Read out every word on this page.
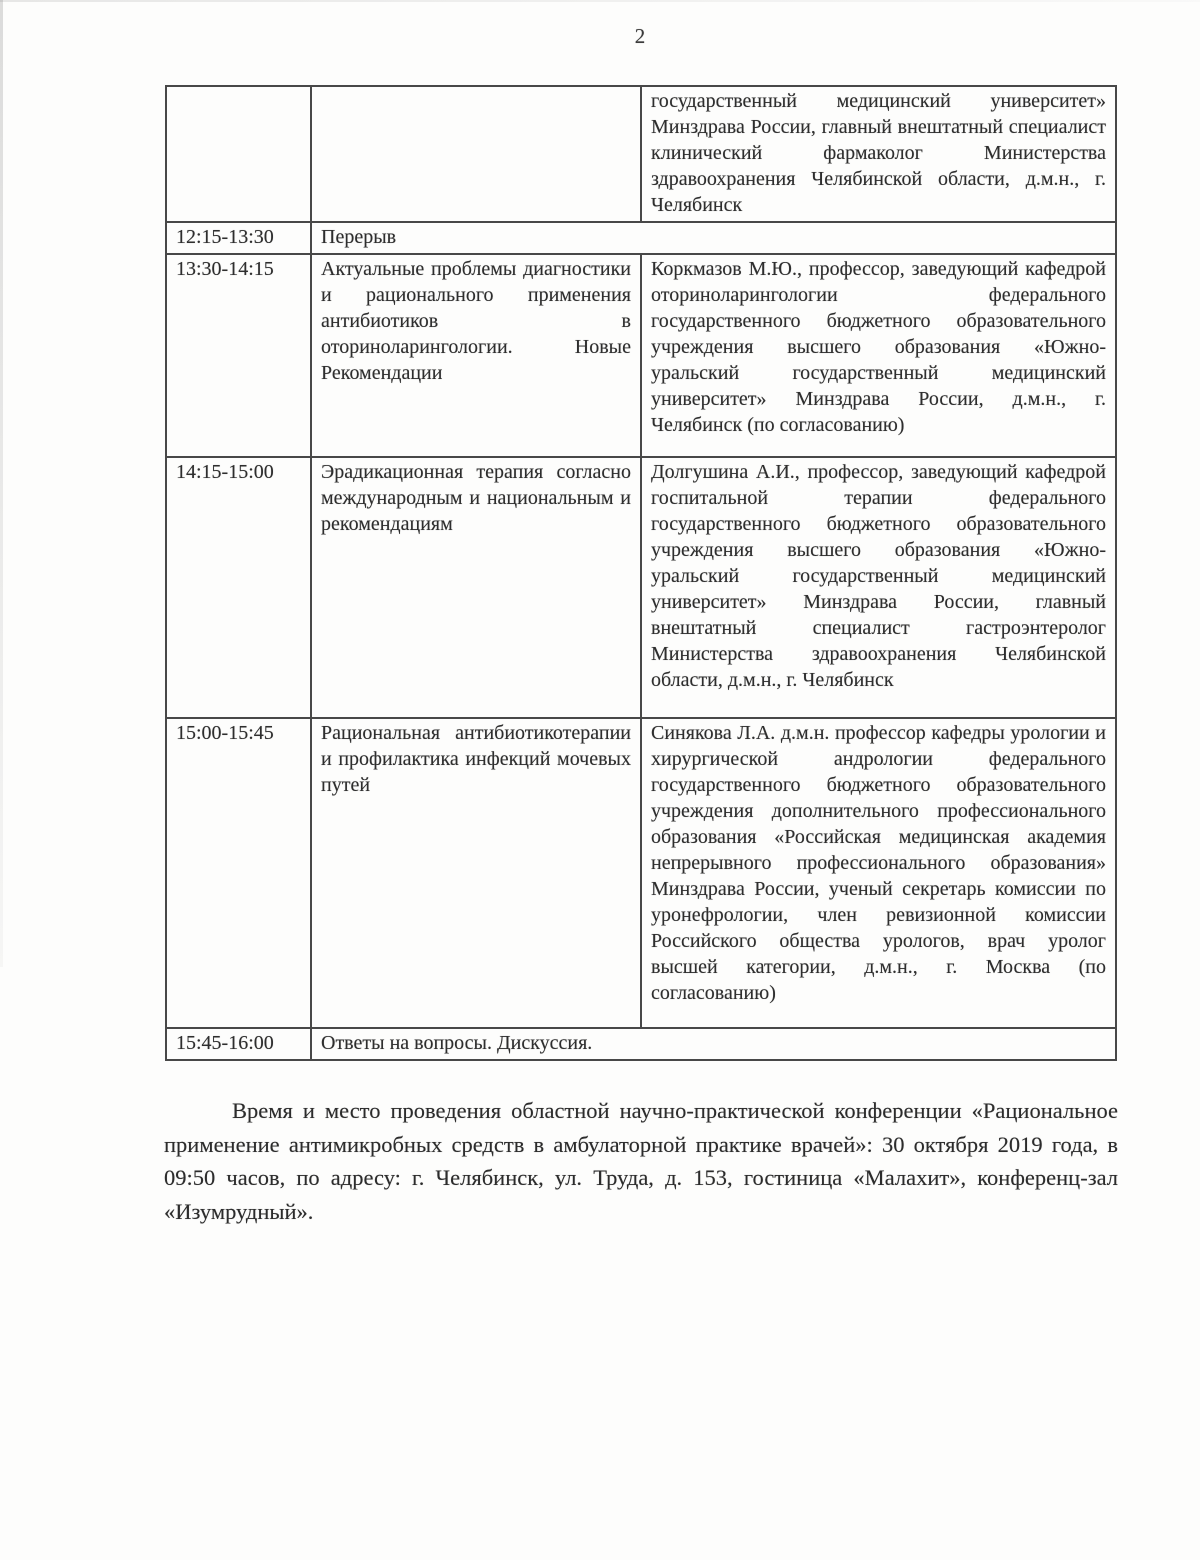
2
		государственный медицинский университет» Минздрава России, главный внештатный специалист клинический фармаколог Министерства здравоохранения Челябинской области, д.м.н., г. Челябинск
12:15-13:30	Перерыв	
13:30-14:15	Актуальные проблемы диагностики и рационального применения антибиотиков в оториноларингологии. Новые Рекомендации	Коркмазов М.Ю., профессор, заведующий кафедрой оториноларингологии федерального государственного бюджетного образовательного учреждения высшего образования «Южно-уральский государственный медицинский университет» Минздрава России, д.м.н., г. Челябинск (по согласованию)
14:15-15:00	Эрадикационная терапия согласно международным и национальным и рекомендациям	Долгушина А.И., профессор, заведующий кафедрой госпитальной терапии федерального государственного бюджетного образовательного учреждения высшего образования «Южно-уральский государственный медицинский университет» Минздрава России, главный внештатный специалист гастроэнтеролог Министерства здравоохранения Челябинской области, д.м.н., г. Челябинск
15:00-15:45	Рациональная антибиотикотерапии и профилактика инфекций мочевых путей	Синякова Л.А. д.м.н. профессор кафедры урологии и хирургической андрологии федерального государственного бюджетного образовательного учреждения дополнительного профессионального образования «Российская медицинская академия непрерывного профессионального образования» Минздрава России, ученый секретарь комиссии по уронефрологии, член ревизионной комиссии Российского общества урологов, врач уролог высшей категории, д.м.н., г. Москва (по согласованию)
15:45-16:00	Ответы на вопросы. Дискуссия.	

Время и место проведения областной научно-практической конференции «Рациональное применение антимикробных средств в амбулаторной практике врачей»: 30 октября 2019 года, в 09:50 часов, по адресу: г. Челябинск, ул. Труда, д. 153, гостиница «Малахит», конференц-зал «Изумрудный».
